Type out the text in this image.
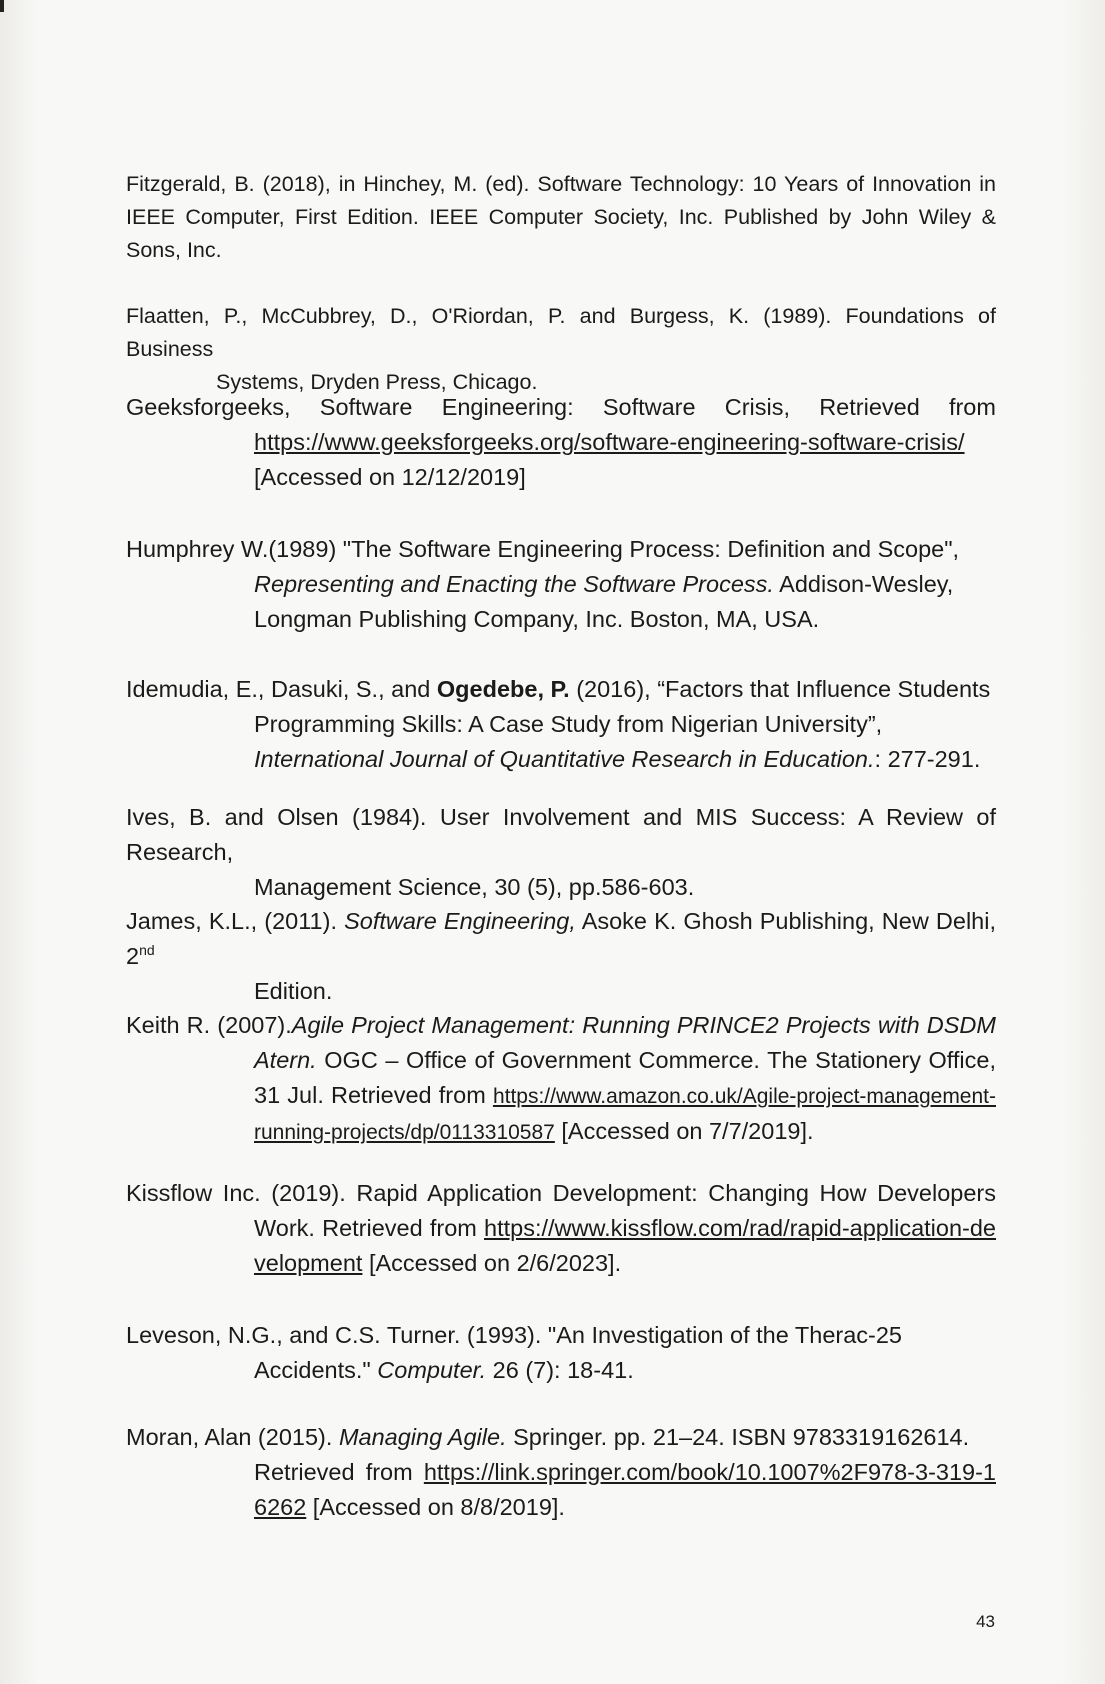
Fitzgerald, B. (2018), in Hinchey, M. (ed). Software Technology: 10 Years of Innovation in IEEE Computer, First Edition. IEEE Computer Society, Inc. Published by John Wiley & Sons, Inc.
Flaatten, P., McCubbrey, D., O'Riordan, P. and Burgess, K. (1989). Foundations of Business
Systems, Dryden Press, Chicago.
Geeksforgeeks, Software Engineering: Software Crisis, Retrieved from
https://www.geeksforgeeks.org/software-engineering-software-crisis/
[Accessed on 12/12/2019]
Humphrey W.(1989) "The Software Engineering Process: Definition and Scope",
Representing and Enacting the Software Process. Addison-Wesley,
Longman Publishing Company, Inc. Boston, MA, USA.
Idemudia, E., Dasuki, S., and Ogedebe, P. (2016), “Factors that Influence Students
Programming Skills: A Case Study from Nigerian University”,
International Journal of Quantitative Research in Education.: 277-291.
Ives, B. and Olsen (1984). User Involvement and MIS Success: A Review of Research,
Management Science, 30 (5), pp.586-603.
James, K.L., (2011). Software Engineering, Asoke K. Ghosh Publishing, New Delhi, 2nd
Edition.
Keith R. (2007).Agile Project Management: Running PRINCE2 Projects with DSDM Atern. OGC – Office of Government Commerce. The Stationery Office, 31 Jul. Retrieved from https://www.amazon.co.uk/Agile-project-management-running-projects/dp/0113310587 [Accessed on 7/7/2019].
Kissflow Inc. (2019). Rapid Application Development: Changing How Developers Work. Retrieved from https://www.kissflow.com/rad/rapid-application-development [Accessed on 2/6/2023].
Leveson, N.G., and C.S. Turner. (1993). "An Investigation of the Therac-25
Accidents." Computer. 26 (7): 18-41.
Moran, Alan (2015). Managing Agile. Springer. pp. 21–24. ISBN 9783319162614.
Retrieved from https://link.springer.com/book/10.1007%2F978-3-319-16262 [Accessed on 8/8/2019].
43
